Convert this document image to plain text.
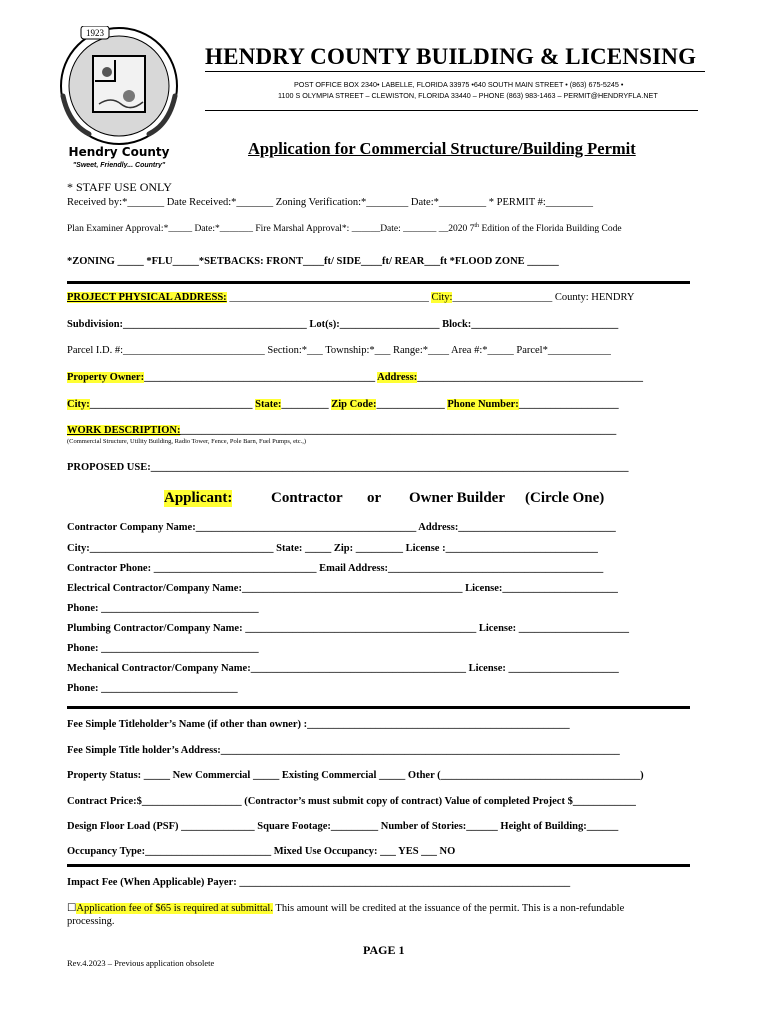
1923
Hendry County
"Sweet, Friendly... Country"
HENDRY COUNTY BUILDING & LICENSING
POST OFFICE BOX 2340• LABELLE, FLORIDA 33975 •640 SOUTH MAIN STREET • (863) 675-5245 •
1100 S OLYMPIA STREET – CLEWISTON, FLORIDA 33440 – PHONE (863) 983-1463 – PERMIT@HENDRYFLA.NET
Application for Commercial Structure/Building Permit
* STAFF USE ONLY
Received by:*_______ Date Received:*_______ Zoning Verification:*________ Date:*_________ * PERMIT #:_________
Plan Examiner Approval:*_____ Date:*_______ Fire Marshal Approval*: ______Date: _______ __2020 7th Edition of the Florida Building Code
*ZONING _____ *FLU_____*SETBACKS: FRONT____ft/ SIDE____ft/ REAR___ft *FLOOD ZONE ______
PROJECT PHYSICAL ADDRESS: ______________________________________ City:___________________ County: HENDRY
Subdivision:___________________________________ Lot(s):___________________ Block:____________________________
Parcel I.D. #:___________________________ Section:*___ Township:*___ Range:*____ Area #:*_____ Parcel*____________
Property Owner:____________________________________________ Address:___________________________________________
City:_______________________________ State:_________ Zip Code:_____________ Phone Number:___________________
WORK DESCRIPTION:___________________________________________________________________________________
(Commercial Structure, Utility Building, Radio Tower, Fence, Pole Barn, Fuel Pumps, etc.,)
PROPOSED USE:___________________________________________________________________________________________
Applicant:	Contractor or Owner Builder (Circle One)
Contractor Company Name:__________________________________________ Address:______________________________
City:___________________________________ State: _____ Zip: _________ License :_____________________________
Contractor Phone: _______________________________ Email Address:_________________________________________
Electrical Contractor/Company Name:__________________________________________ License:______________________
Phone: ______________________________
Plumbing Contractor/Company Name: ____________________________________________ License: _____________________
Phone: ______________________________
Mechanical Contractor/Company Name:_________________________________________ License: _____________________
Phone: __________________________
Fee Simple Titleholder’s Name (if other than owner) :__________________________________________________
Fee Simple Title holder’s Address:____________________________________________________________________________
Property Status: _____ New Commercial _____ Existing Commercial _____ Other (______________________________________)
Contract Price:$___________________ (Contractor’s must submit copy of contract) Value of completed Project $____________
Design Floor Load (PSF) ______________ Square Footage:_________ Number of Stories:______ Height of Building:______
Occupancy Type:________________________ Mixed Use Occupancy: ___ YES ___ NO
Impact Fee (When Applicable) Payer: _______________________________________________________________
☐Application fee of $65 is required at submittal. This amount will be credited at the issuance of the permit. This is a non-refundable
processing.
PAGE 1
Rev.4.2023 – Previous application obsolete
